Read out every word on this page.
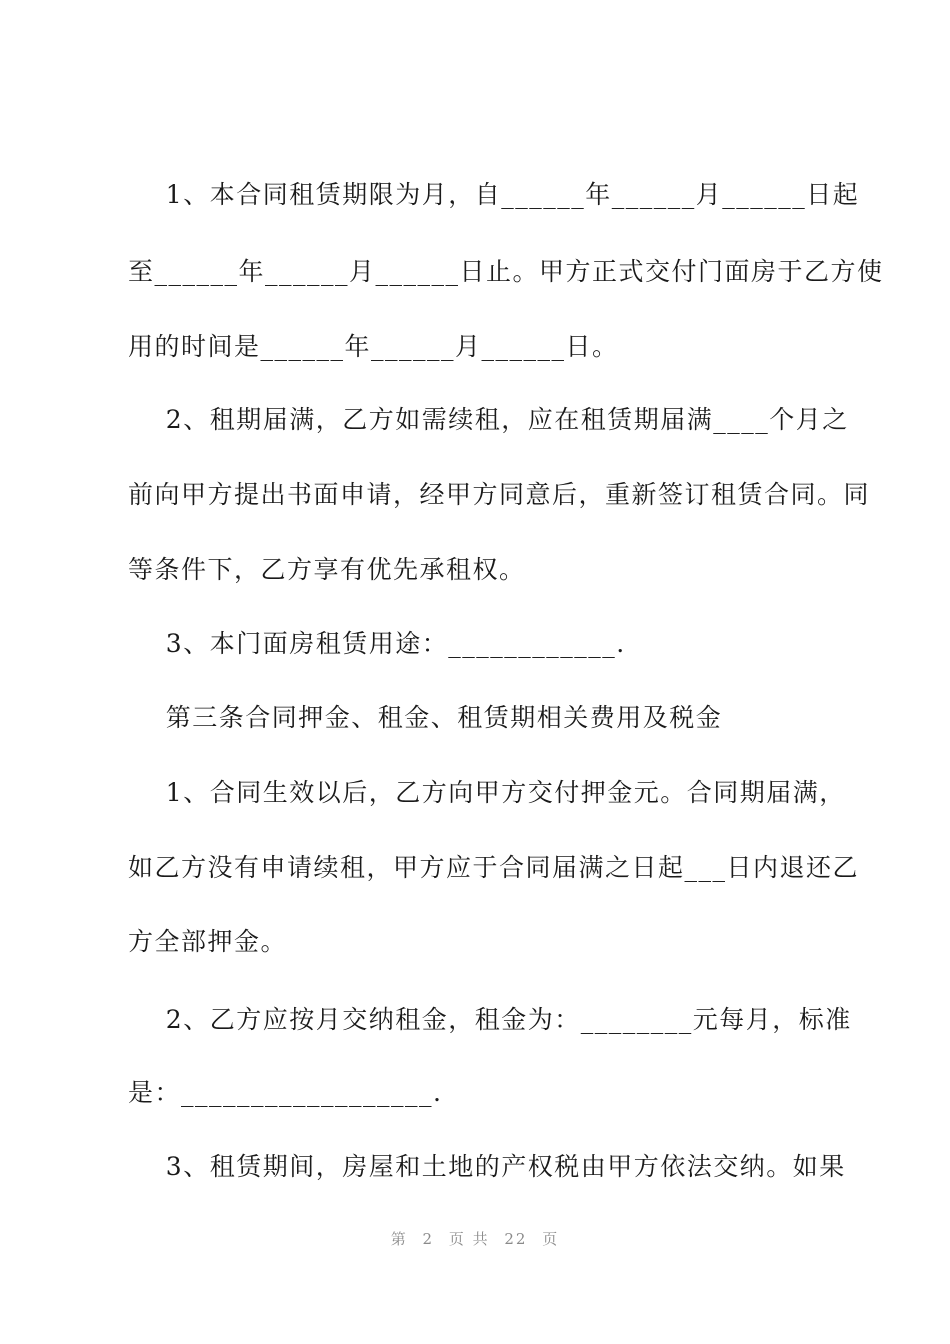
1、本合同租赁期限为月，自______年______月______日起
至______年______月______日止。甲方正式交付门面房于乙方使
用的时间是______年______月______日。
2、租期届满，乙方如需续租，应在租赁期届满____个月之
前向甲方提出书面申请，经甲方同意后，重新签订租赁合同。同
等条件下，乙方享有优先承租权。
3、本门面房租赁用途：____________.
第三条合同押金、租金、租赁期相关费用及税金
1、合同生效以后，乙方向甲方交付押金元。合同期届满，
如乙方没有申请续租，甲方应于合同届满之日起___日内退还乙
方全部押金。
2、乙方应按月交纳租金，租金为：________元每月，标准
是：__________________.
3、租赁期间，房屋和土地的产权税由甲方依法交纳。如果
第 2 页 共 22 页
